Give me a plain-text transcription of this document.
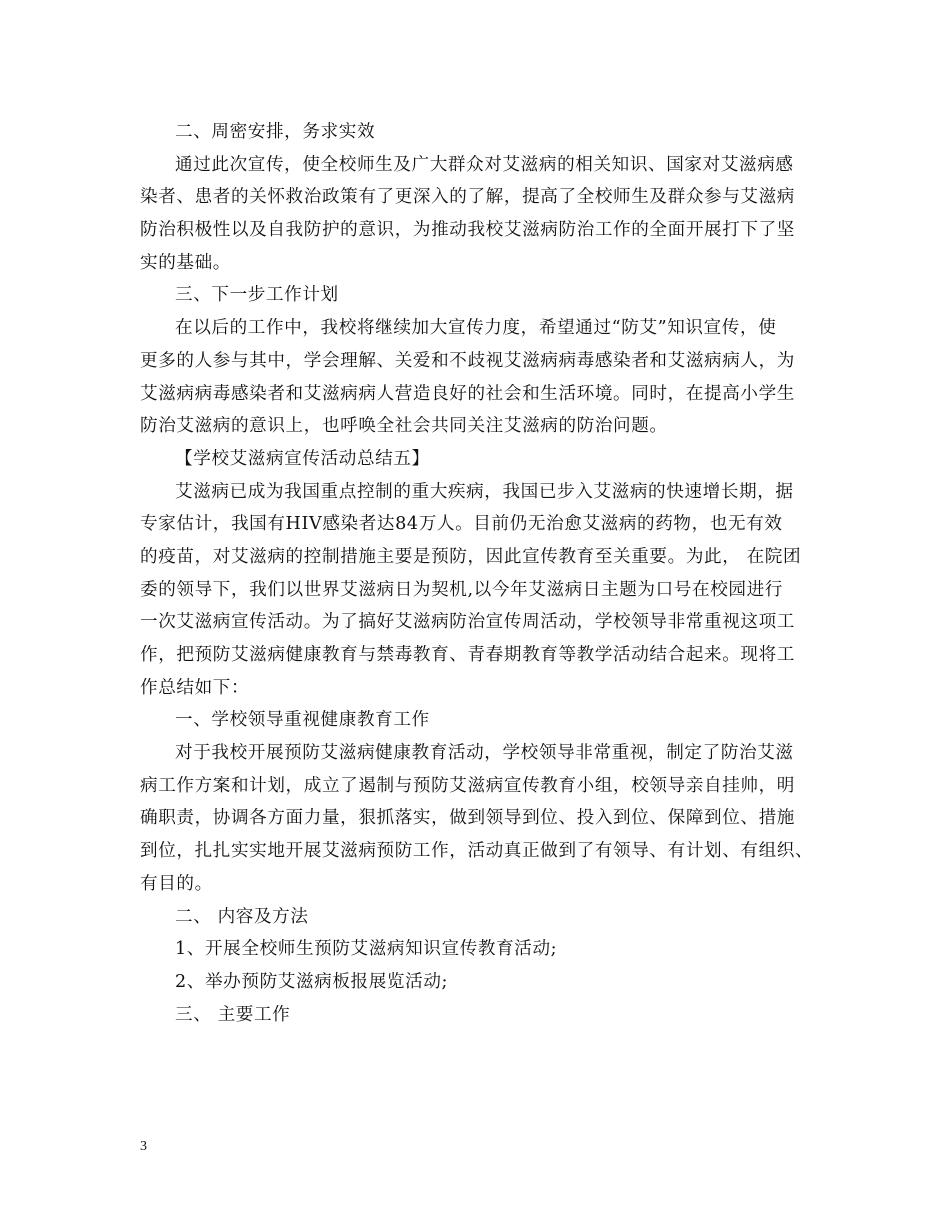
二、周密安排，务求实效

通过此次宣传，使全校师生及广大群众对艾滋病的相关知识、国家对艾滋病感

染者、患者的关怀救治政策有了更深入的了解，提高了全校师生及群众参与艾滋病

防治积极性以及自我防护的意识，为推动我校艾滋病防治工作的全面开展打下了坚

实的基础。

三、下一步工作计划

在以后的工作中，我校将继续加大宣传力度，希望通过“防艾”知识宣传，使

更多的人参与其中，学会理解、关爱和不歧视艾滋病病毒感染者和艾滋病病人，为

艾滋病病毒感染者和艾滋病病人营造良好的社会和生活环境。同时，在提高小学生

防治艾滋病的意识上，也呼唤全社会共同关注艾滋病的防治问题。

【学校艾滋病宣传活动总结五】

艾滋病已成为我国重点控制的重大疾病，我国已步入艾滋病的快速增长期，据

专家估计，我国有HIV感染者达84万人。目前仍无治愈艾滋病的药物，也无有效

的疫苗，对艾滋病的控制措施主要是预防，因此宣传教育至关重要。为此， 在院团

委的领导下，我们以世界艾滋病日为契机,以今年艾滋病日主题为口号在校园进行

一次艾滋病宣传活动。为了搞好艾滋病防治宣传周活动，学校领导非常重视这项工

作，把预防艾滋病健康教育与禁毒教育、青春期教育等教学活动结合起来。现将工

作总结如下：

一、学校领导重视健康教育工作

对于我校开展预防艾滋病健康教育活动，学校领导非常重视，制定了防治艾滋

病工作方案和计划，成立了遏制与预防艾滋病宣传教育小组，校领导亲自挂帅，明

确职责，协调各方面力量，狠抓落实，做到领导到位、投入到位、保障到位、措施

到位，扎扎实实地开展艾滋病预防工作，活动真正做到了有领导、有计划、有组织、

有目的。

二、 内容及方法

1、开展全校师生预防艾滋病知识宣传教育活动;

2、举办预防艾滋病板报展览活动;

三、 主要工作

3
